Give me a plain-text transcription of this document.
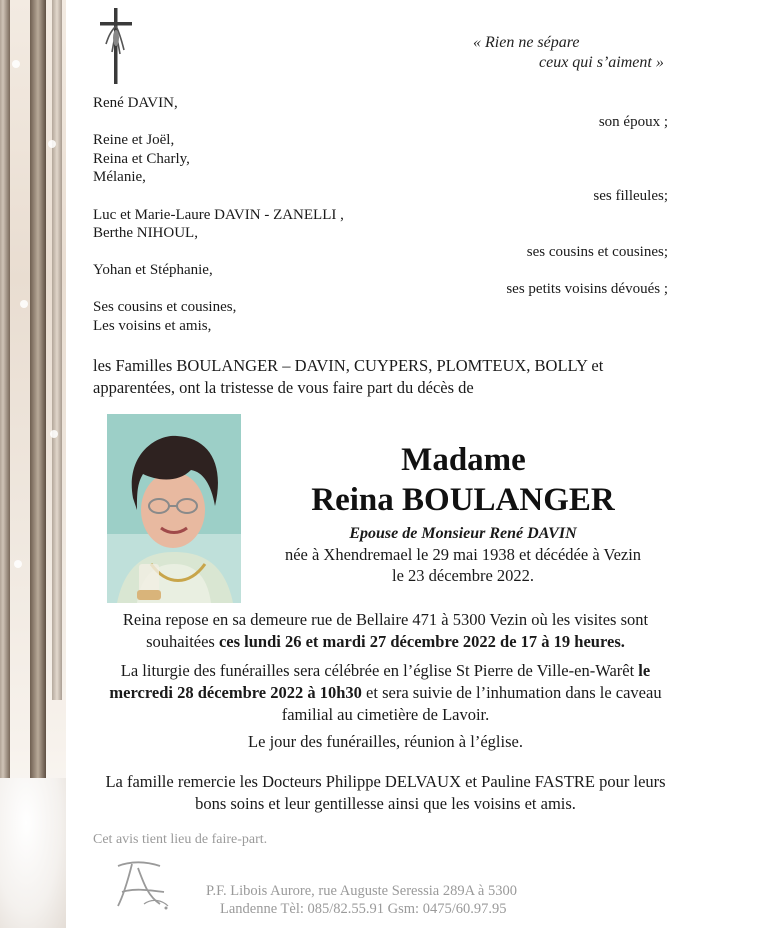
« Rien ne sépare
ceux qui s’aiment »
René DAVIN,
son époux ;
Reine et Joël,
Reina et Charly,
Mélanie,
ses filleules;
Luc et Marie-Laure DAVIN - ZANELLI ,
Berthe NIHOUL,
ses cousins et cousines;
Yohan et Stéphanie,
ses petits voisins dévoués ;
Ses cousins et cousines,
Les voisins et amis,
les Familles BOULANGER – DAVIN, CUYPERS, PLOMTEUX, BOLLY et apparentées, ont la tristesse de vous faire part du décès de
Madame
Reina BOULANGER
Epouse de Monsieur René DAVIN
née à Xhendremael le 29 mai 1938 et décédée à Vezin
le 23 décembre 2022.
Reina repose en sa demeure rue de Bellaire 471 à 5300 Vezin où les visites sont souhaitées ces lundi 26 et mardi 27 décembre 2022 de 17 à 19 heures.
La liturgie des funérailles sera célébrée en l’église St Pierre de Ville-en-Warêt le mercredi 28 décembre 2022 à 10h30 et sera suivie de l’inhumation dans le caveau familial au cimetière de Lavoir.
Le jour des funérailles, réunion à l’église.
La famille remercie les Docteurs Philippe DELVAUX et Pauline FASTRE pour leurs bons soins et leur gentillesse ainsi que les voisins et amis.
Cet avis tient lieu de faire-part.
P.F. Libois Aurore, rue Auguste Seressia 289A à 5300
Landenne Tèl: 085/82.55.91 Gsm: 0475/60.97.95
